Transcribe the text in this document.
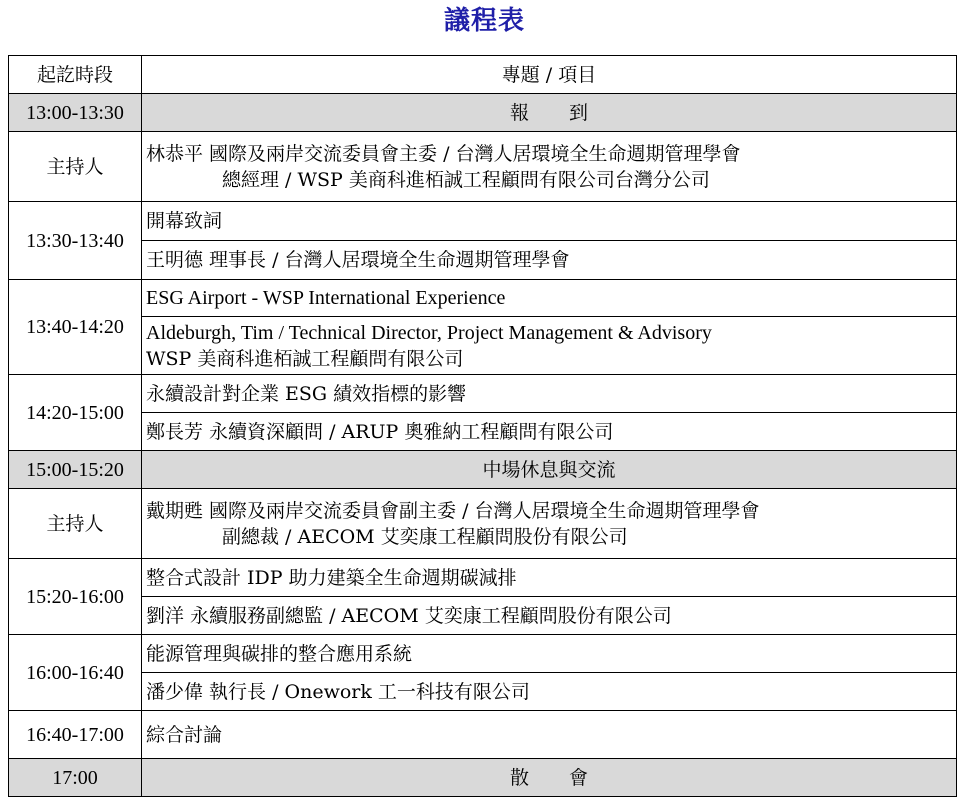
議程表
起訖時段	專題 / 項目
13:00-13:30	報到
主持人	林恭平 國際及兩岸交流委員會主委 / 台灣人居環境全生命週期管理學會
總經理 / WSP 美商科進栢誠工程顧問有限公司台灣分公司

13:30-13:40	開幕致詞
	王明德 理事長 / 台灣人居環境全生命週期管理學會
13:40-14:20	ESG Airport - WSP International Experience

	Aldeburgh, Tim / Technical Director, Project Management & Advisory
WSP 美商科進栢誠工程顧問有限公司

14:20-15:00	永續設計對企業 ESG 績效指標的影響
	鄭長芳 永續資深顧問 / ARUP 奧雅納工程顧問有限公司
15:00-15:20	中場休息與交流
主持人	戴期甦 國際及兩岸交流委員會副主委 / 台灣人居環境全生命週期管理學會
副總裁 / AECOM 艾奕康工程顧問股份有限公司

15:20-16:00	整合式設計 IDP 助力建築全生命週期碳減排
	劉洋 永續服務副總監 / AECOM 艾奕康工程顧問股份有限公司
16:00-16:40	能源管理與碳排的整合應用系統
	潘少偉 執行長 / Onework 工一科技有限公司
16:40-17:00	綜合討論
17:00	散會
